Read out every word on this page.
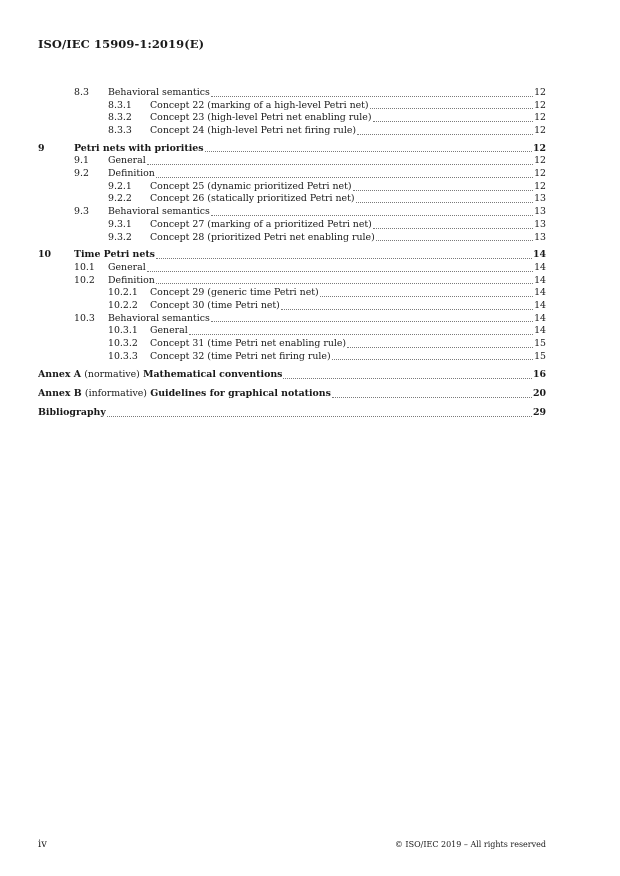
ISO/IEC 15909-1:2019(E)
8.3	Behavioral semantics	12
8.3.1	Concept 22 (marking of a high-level Petri net)	12
8.3.2	Concept 23 (high-level Petri net enabling rule)	12
8.3.3	Concept 24 (high-level Petri net firing rule)	12
9	Petri nets with priorities	12
9.1	General	12
9.2	Definition	12
9.2.1	Concept 25 (dynamic prioritized Petri net)	12
9.2.2	Concept 26 (statically prioritized Petri net)	13
9.3	Behavioral semantics	13
9.3.1	Concept 27 (marking of a prioritized Petri net)	13
9.3.2	Concept 28 (prioritized Petri net enabling rule)	13
10	Time Petri nets	14
10.1	General	14
10.2	Definition	14
10.2.1	Concept 29 (generic time Petri net)	14
10.2.2	Concept 30 (time Petri net)	14
10.3	Behavioral semantics	14
10.3.1	General	14
10.3.2	Concept 31 (time Petri net enabling rule)	15
10.3.3	Concept 32 (time Petri net firing rule)	15
Annex A (normative) Mathematical conventions	16
Annex B (informative) Guidelines for graphical notations	20
Bibliography	29
iv	© ISO/IEC 2019 – All rights reserved
